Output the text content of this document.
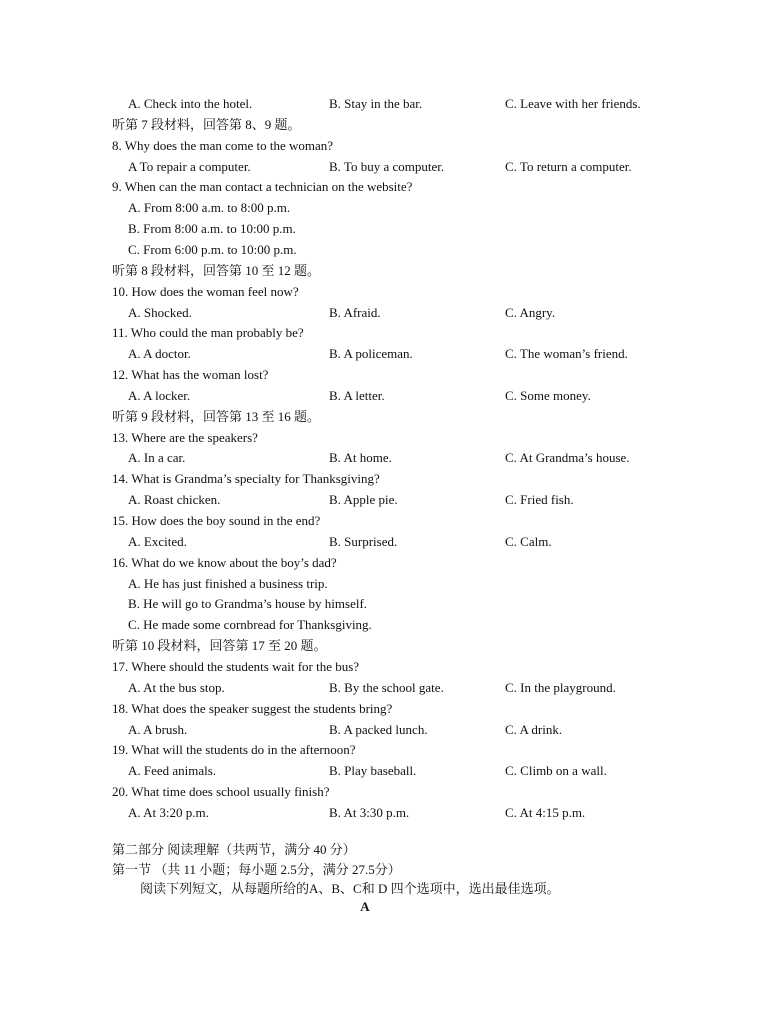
A. Check into the hotel.	B. Stay in the bar.	C. Leave with her friends.
听第 7 段材料，回答第 8、9 题。
8. Why does the man come to the woman?
A To repair a computer.	B. To buy a computer.	C. To return a computer.
9. When can the man contact a technician on the website?
A. From 8:00 a.m. to 8:00 p.m.
B. From 8:00 a.m. to 10:00 p.m.
C. From 6:00 p.m. to 10:00 p.m.
听第 8 段材料，回答第 10 至 12 题。
10. How does the woman feel now?
A. Shocked.	B. Afraid.	C. Angry.
11. Who could the man probably be?
A. A doctor.	B. A policeman.	C. The woman’s friend.
12. What has the woman lost?
A. A locker.	B. A letter.	C. Some money.
听第 9 段材料，回答第 13 至 16 题。
13. Where are the speakers?
A. In a car.	B. At home.	C. At Grandma’s house.
14. What is Grandma’s specialty for Thanksgiving?
A. Roast chicken.	B. Apple pie.	C. Fried fish.
15. How does the boy sound in the end?
A. Excited.	B. Surprised.	C. Calm.
16. What do we know about the boy’s dad?
A. He has just finished a business trip.
B. He will go to Grandma’s house by himself.
C. He made some cornbread for Thanksgiving.
听第 10 段材料，回答第 17 至 20 题。
17. Where should the students wait for the bus?
A. At the bus stop.	B. By the school gate.	C. In the playground.
18. What does the speaker suggest the students bring?
A. A brush.	B. A packed lunch.	C. A drink.
19. What will the students do in the afternoon?
A. Feed animals.	B. Play baseball.	C. Climb on a wall.
20. What time does school usually finish?
A. At 3:20 p.m.	B. At 3:30 p.m.	C. At 4:15 p.m.
第二部分 阅读理解（共两节，满分 40 分）
第一节 （共 11 小题；每小题 2.5分，满分 27.5分）
阅读下列短文，从每题所给的A、B、C和 D 四个选项中，选出最佳选项。
A
